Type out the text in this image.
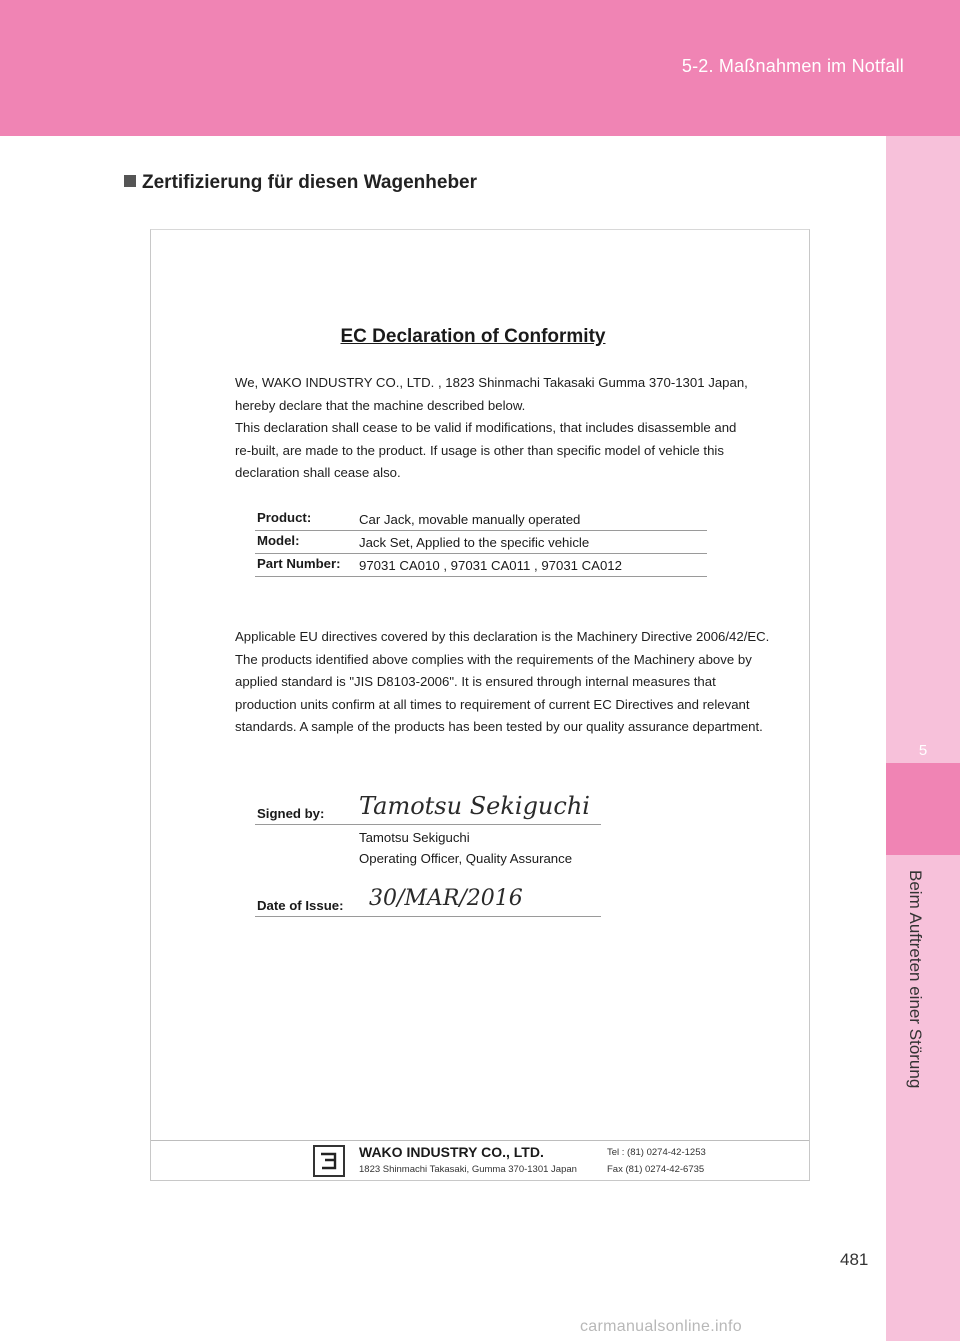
5-2. Maßnahmen im Notfall
5
Beim Auftreten einer Störung
Zertifizierung für diesen Wagenheber
EC Declaration of Conformity
We, WAKO INDUSTRY CO., LTD. , 1823 Shinmachi Takasaki Gumma 370-1301 Japan,
hereby declare that the machine described below.
This declaration shall cease to be valid if modifications, that includes disassemble and
re-built, are made to the product. If usage is other than specific model of vehicle this
declaration shall cease also.
Product:	Car Jack, movable manually operated
Model:	Jack Set, Applied to the specific vehicle
Part Number: 97031 CA010 , 97031 CA011 , 97031 CA012
Applicable EU directives covered by this declaration is the Machinery Directive 2006/42/EC.
The products identified above complies with the requirements of the Machinery above by
applied standard is "JIS D8103-2006". It is ensured through internal measures that
production units confirm at all times to requirement of current EC Directives and relevant
standards. A sample of the products has been tested by our quality assurance department.
Signed by: Tamotsu Sekiguchi
Tamotsu Sekiguchi
Operating Officer, Quality Assurance
Date of Issue: 30/MAR/2016
WAKO INDUSTRY CO., LTD.
1823 Shinmachi Takasaki, Gumma 370-1301 Japan
Tel : (81) 0274-42-1253
Fax (81) 0274-42-6735
481
carmanualsonline.info
